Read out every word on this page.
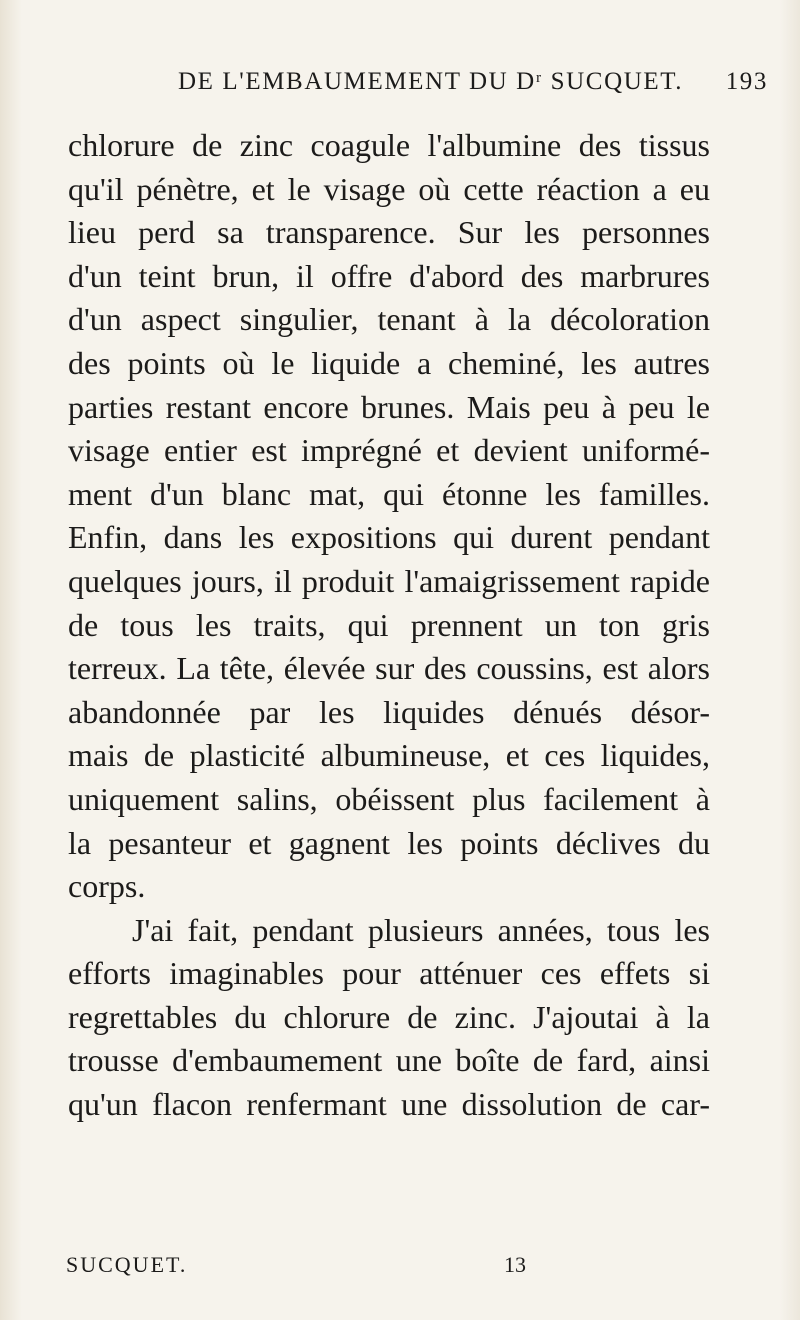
DE L'EMBAUMEMENT DU Dʳ SUCQUET.	193
chlorure de zinc coagule l'albumine des tissus
qu'il pénètre, et le visage où cette réaction a eu
lieu perd sa transparence. Sur les personnes
d'un teint brun, il offre d'abord des marbrures
d'un aspect singulier, tenant à la décoloration
des points où le liquide a cheminé, les autres
parties restant encore brunes. Mais peu à peu le
visage entier est imprégné et devient uniformé-
ment d'un blanc mat, qui étonne les familles.
Enfin, dans les expositions qui durent pendant
quelques jours, il produit l'amaigrissement rapide
de tous les traits, qui prennent un ton gris
terreux. La tête, élevée sur des coussins, est alors
abandonnée par les liquides dénués désor-
mais de plasticité albumineuse, et ces liquides,
uniquement salins, obéissent plus facilement à
la pesanteur et gagnent les points déclives du
corps.
J'ai fait, pendant plusieurs années, tous les
efforts imaginables pour atténuer ces effets si
regrettables du chlorure de zinc. J'ajoutai à la
trousse d'embaumement une boîte de fard, ainsi
qu'un flacon renfermant une dissolution de car-
SUCQUET.	13
